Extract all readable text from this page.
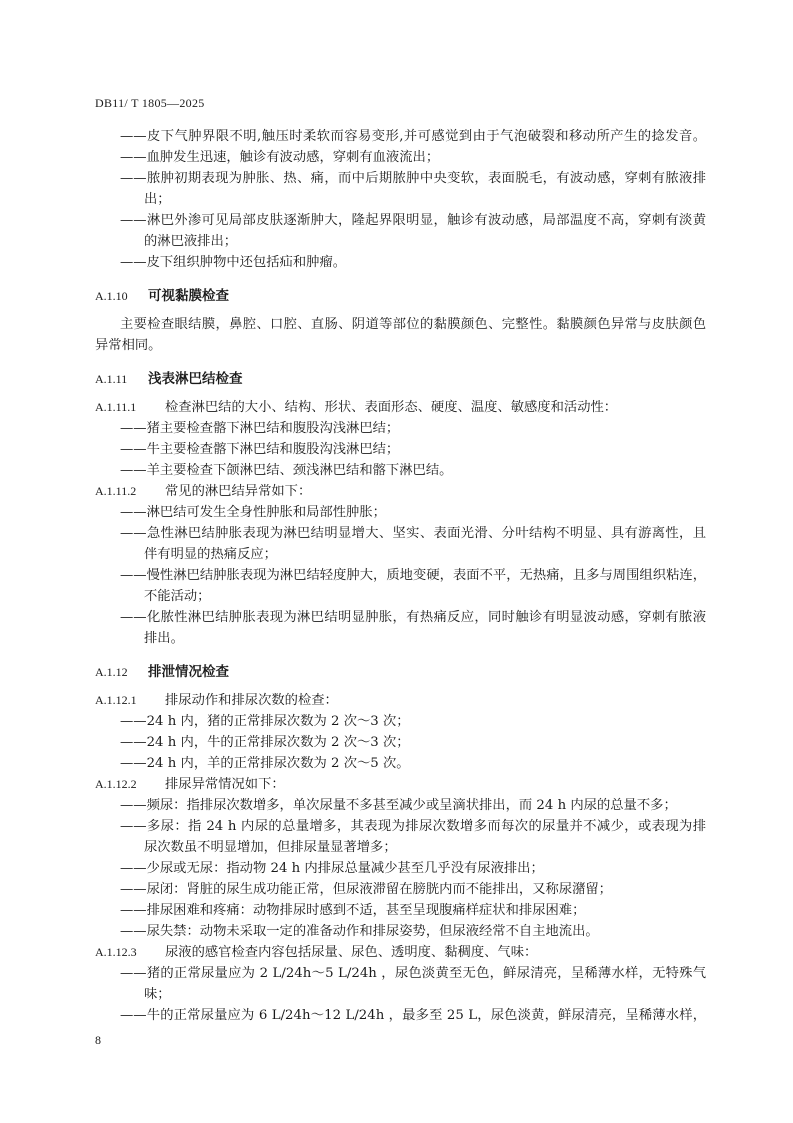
DB11/ T 1805—2025
——皮下气肿界限不明,触压时柔软而容易变形,并可感觉到由于气泡破裂和移动所产生的捻发音。
——血肿发生迅速，触诊有波动感，穿刺有血液流出；
——脓肿初期表现为肿胀、热、痛，而中后期脓肿中央变软，表面脱毛，有波动感，穿刺有脓液排
出；
——淋巴外渗可见局部皮肤逐渐肿大，隆起界限明显，触诊有波动感，局部温度不高，穿刺有淡黄
的淋巴液排出；
——皮下组织肿物中还包括疝和肿瘤。
A.1.10 可视黏膜检查
主要检查眼结膜，鼻腔、口腔、直肠、阴道等部位的黏膜颜色、完整性。黏膜颜色异常与皮肤颜色
异常相同。
A.1.11 浅表淋巴结检查
A.1.11.1 检查淋巴结的大小、结构、形状、表面形态、硬度、温度、敏感度和活动性：
——猪主要检查髂下淋巴结和腹股沟浅淋巴结；
——牛主要检查髂下淋巴结和腹股沟浅淋巴结；
——羊主要检查下颌淋巴结、颈浅淋巴结和髂下淋巴结。
A.1.11.2 常见的淋巴结异常如下：
——淋巴结可发生全身性肿胀和局部性肿胀；
——急性淋巴结肿胀表现为淋巴结明显增大、坚实、表面光滑、分叶结构不明显、具有游离性，且
伴有明显的热痛反应；
——慢性淋巴结肿胀表现为淋巴结轻度肿大，质地变硬，表面不平，无热痛，且多与周围组织粘连，
不能活动；
——化脓性淋巴结肿胀表现为淋巴结明显肿胀，有热痛反应，同时触诊有明显波动感，穿刺有脓液
排出。
A.1.12 排泄情况检查
A.1.12.1 排尿动作和排尿次数的检查：
——24 h 内，猪的正常排尿次数为 2 次～3 次；
——24 h 内，牛的正常排尿次数为 2 次～3 次；
——24 h 内，羊的正常排尿次数为 2 次～5 次。
A.1.12.2 排尿异常情况如下：
——频尿：指排尿次数增多，单次尿量不多甚至减少或呈滴状排出，而 24 h 内尿的总量不多；
——多尿：指 24 h 内尿的总量增多，其表现为排尿次数增多而每次的尿量并不减少，或表现为排
尿次数虽不明显增加，但排尿量显著增多；
——少尿或无尿：指动物 24 h 内排尿总量减少甚至几乎没有尿液排出；
——尿闭：肾脏的尿生成功能正常，但尿液滞留在膀胱内而不能排出，又称尿潴留；
——排尿困难和疼痛：动物排尿时感到不适，甚至呈现腹痛样症状和排尿困难；
——尿失禁：动物未采取一定的准备动作和排尿姿势，但尿液经常不自主地流出。
A.1.12.3 尿液的感官检查内容包括尿量、尿色、透明度、黏稠度、气味：
——猪的正常尿量应为 2 L/24h～5 L/24h ，尿色淡黄至无色，鲜尿清亮，呈稀薄水样，无特殊气
味；
——牛的正常尿量应为 6 L/24h～12 L/24h ，最多至 25 L，尿色淡黄，鲜尿清亮，呈稀薄水样，
8
